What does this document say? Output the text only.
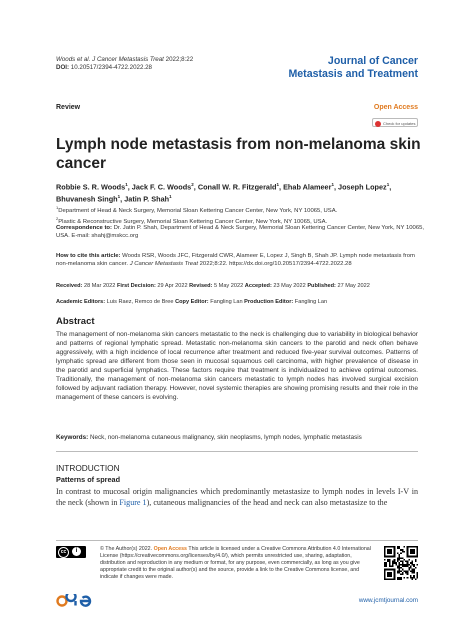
Woods et al. J Cancer Metastasis Treat 2022;8:22
DOI: 10.20517/2394-4722.2022.28
Journal of Cancer
Metastasis and Treatment
Review	Open Access
Check for updates
Lymph node metastasis from non-melanoma skin cancer
Robbie S. R. Woods$^1$, Jack F. C. Woods$^2$, Conall W. R. Fitzgerald$^1$, Ehab Alameer$^1$, Joseph Lopez$^1$, Bhuvanesh Singh$^1$, Jatin P. Shah$^1$
$^1$Department of Head & Neck Surgery, Memorial Sloan Kettering Cancer Center, New York, NY 10065, USA.
$^2$Plastic & Reconstructive Surgery, Memorial Sloan Kettering Cancer Center, New York, NY 10065, USA.
Correspondence to: Dr. Jatin P. Shah, Department of Head & Neck Surgery, Memorial Sloan Kettering Cancer Center, New York, NY 10065, USA. E-mail: shahj@mskcc.org
How to cite this article: Woods RSR, Woods JFC, Fitzgerald CWR, Alameer E, Lopez J, Singh B, Shah JP. Lymph node metastasis from non-melanoma skin cancer. J Cancer Metastasis Treat 2022;8:22. https://dx.doi.org/10.20517/2394-4722.2022.28
Received: 28 Mar 2022 First Decision: 29 Apr 2022 Revised: 5 May 2022 Accepted: 23 May 2022 Published: 27 May 2022
Academic Editors: Luis Raez, Remco de Bree Copy Editor: Fangling Lan Production Editor: Fangling Lan
Abstract
The management of non-melanoma skin cancers metastatic to the neck is challenging due to variability in biological behavior and patterns of regional lymphatic spread. Metastatic non-melanoma skin cancers to the parotid and neck often behave aggressively, with a high incidence of local recurrence after treatment and reduced five-year survival outcomes. Patterns of lymphatic spread are different from those seen in mucosal squamous cell carcinoma, with higher prevalence of disease in the parotid and superficial lymphatics. These factors require that treatment is individualized to achieve optimal outcomes. Traditionally, the management of non-melanoma skin cancers metastatic to lymph nodes has involved surgical excision followed by adjuvant radiation therapy. However, novel systemic therapies are showing promising results and their role in the management of these cancers is evolving.
Keywords: Neck, non-melanoma cutaneous malignancy, skin neoplasms, lymph nodes, lymphatic metastasis
INTRODUCTION
Patterns of spread
In contrast to mucosal origin malignancies which predominantly metastasize to lymph nodes in levels I-V in the neck (shown in Figure 1), cutaneous malignancies of the head and neck can also metastasize to the
cc	i	© The Author(s) 2022. Open Access This article is licensed under a Creative Commons Attribution 4.0 International License (https://creativecommons.org/licenses/by/4.0/), which permits unrestricted use, sharing, adaptation, distribution and reproduction in any medium or format, for any purpose, even commercially, as long as you give appropriate credit to the original author(s) and the source, provide a link to the Creative Commons license, and indicate if changes were made.
www.jcmtjournal.com
